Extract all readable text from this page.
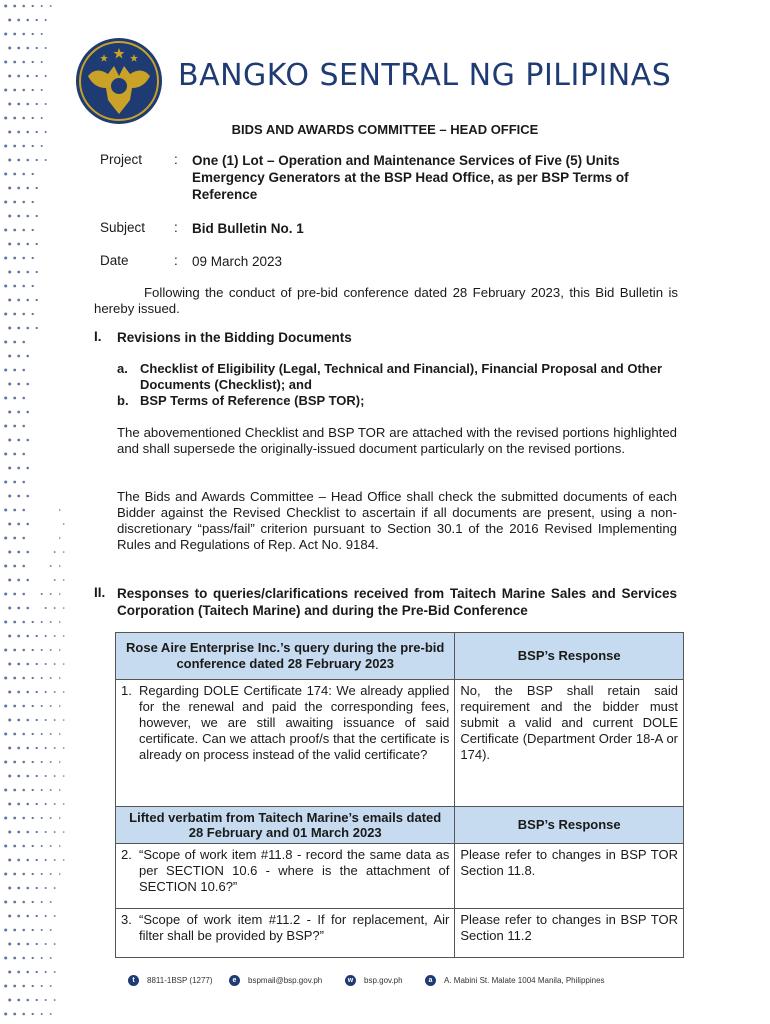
BANGKO SENTRAL NG PILIPINAS
BIDS AND AWARDS COMMITTEE – HEAD OFFICE
Project : One (1) Lot – Operation and Maintenance Services of Five (5) Units Emergency Generators at the BSP Head Office, as per BSP Terms of Reference
Subject : Bid Bulletin No. 1
Date	: 09 March 2023
Following the conduct of pre-bid conference dated 28 February 2023, this Bid Bulletin is hereby issued.
I. Revisions in the Bidding Documents
a. Checklist of Eligibility (Legal, Technical and Financial), Financial Proposal and Other Documents (Checklist); and
b. BSP Terms of Reference (BSP TOR);
The abovementioned Checklist and BSP TOR are attached with the revised portions highlighted and shall supersede the originally-issued document particularly on the revised portions.
The Bids and Awards Committee – Head Office shall check the submitted documents of each Bidder against the Revised Checklist to ascertain if all documents are present, using a non-discretionary “pass/fail” criterion pursuant to Section 30.1 of the 2016 Revised Implementing Rules and Regulations of Rep. Act No. 9184.
II. Responses to queries/clarifications received from Taitech Marine Sales and Services Corporation (Taitech Marine) and during the Pre-Bid Conference
Rose Aire Enterprise Inc.’s query during the pre-bid conference dated 28 February 2023	BSP’s Response

1. Regarding DOLE Certificate 174: We already applied for the renewal and paid the corresponding fees, however, we are still awaiting issuance of said certificate. Can we attach proof/s that the certificate is already on process instead of the valid certificate?	No, the BSP shall retain said requirement and the bidder must submit a valid and current DOLE Certificate (Department Order 18-A or 174).

Lifted verbatim from Taitech Marine’s emails dated 28 February and 01 March 2023	BSP’s Response

2. “Scope of work item #11.8 - record the same data as per SECTION 10.6 - where is the attachment of SECTION 10.6?”	Please refer to changes in BSP TOR Section 11.8.

3. “Scope of work item #11.2 - If for replacement, Air filter shall be provided by BSP?”	Please refer to changes in BSP TOR Section 11.2
t	8811-1BSP (1277)	e	bspmail@bsp.gov.ph	w	bsp.gov.ph	a	A. Mabini St. Malate 1004 Manila, Philippines
